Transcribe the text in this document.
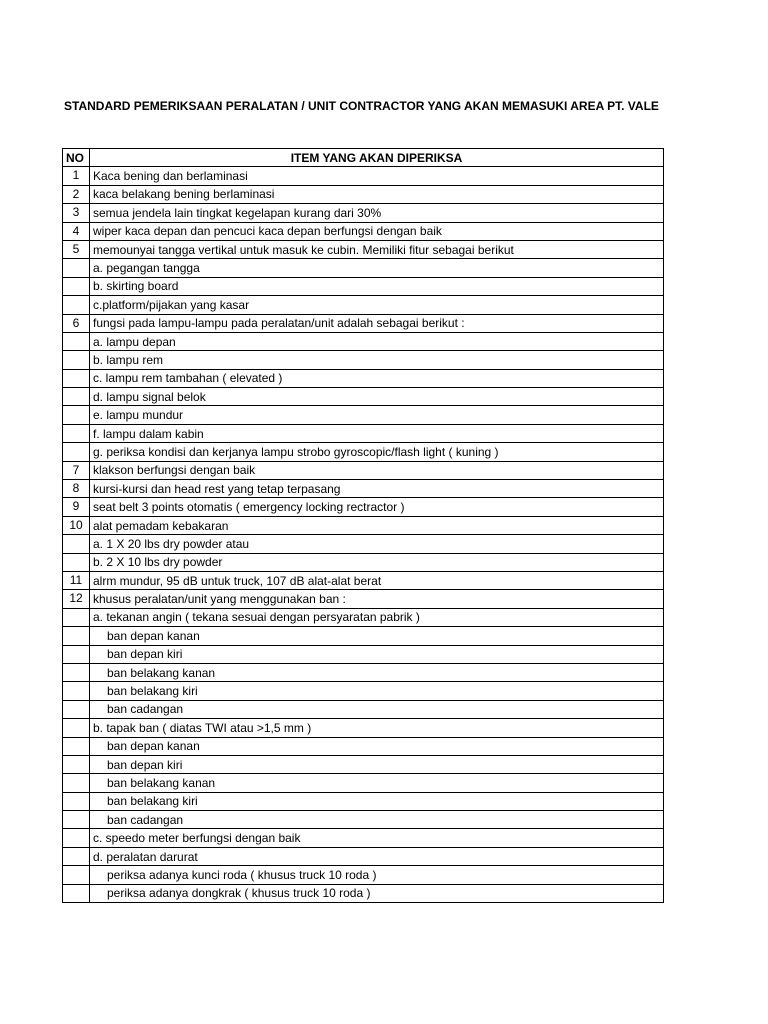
STANDARD PEMERIKSAAN PERALATAN / UNIT CONTRACTOR YANG AKAN MEMASUKI AREA PT. VALE
NO	ITEM YANG AKAN DIPERIKSA
1	Kaca bening dan berlaminasi
2	kaca belakang bening berlaminasi
3	semua jendela lain tingkat kegelapan kurang dari 30%
4	wiper kaca depan dan pencuci kaca depan berfungsi dengan baik
5	memounyai tangga vertikal untuk masuk ke cubin. Memiliki fitur sebagai berikut
	a. pegangan tangga
	b. skirting board
	c.platform/pijakan yang kasar
6	fungsi pada lampu-lampu pada peralatan/unit adalah sebagai berikut :
	a. lampu depan
	b. lampu rem
	c. lampu rem tambahan ( elevated )
	d. lampu signal belok
	e. lampu mundur
	f. lampu dalam kabin
	g. periksa kondisi dan kerjanya lampu strobo gyroscopic/flash light ( kuning )
7	klakson berfungsi dengan baik
8	kursi-kursi dan head rest yang tetap terpasang
9	seat belt 3 points otomatis ( emergency locking rectractor )
10	alat pemadam kebakaran
	a. 1 X 20 lbs dry powder atau
	b. 2 X 10 lbs dry powder
11	alrm mundur, 95 dB untuk truck, 107 dB alat-alat berat
12	khusus peralatan/unit yang menggunakan ban :
	a. tekanan angin ( tekana sesuai dengan persyaratan pabrik )
	ban depan kanan
	ban depan kiri
	ban belakang kanan
	ban belakang kiri
	ban cadangan
	b. tapak ban ( diatas TWI atau >1,5 mm )
	ban depan kanan
	ban depan kiri
	ban belakang kanan
	ban belakang kiri
	ban cadangan
	c. speedo meter berfungsi dengan baik
	d. peralatan darurat
	periksa adanya kunci roda ( khusus truck 10 roda )
	periksa adanya dongkrak ( khusus truck 10 roda )
